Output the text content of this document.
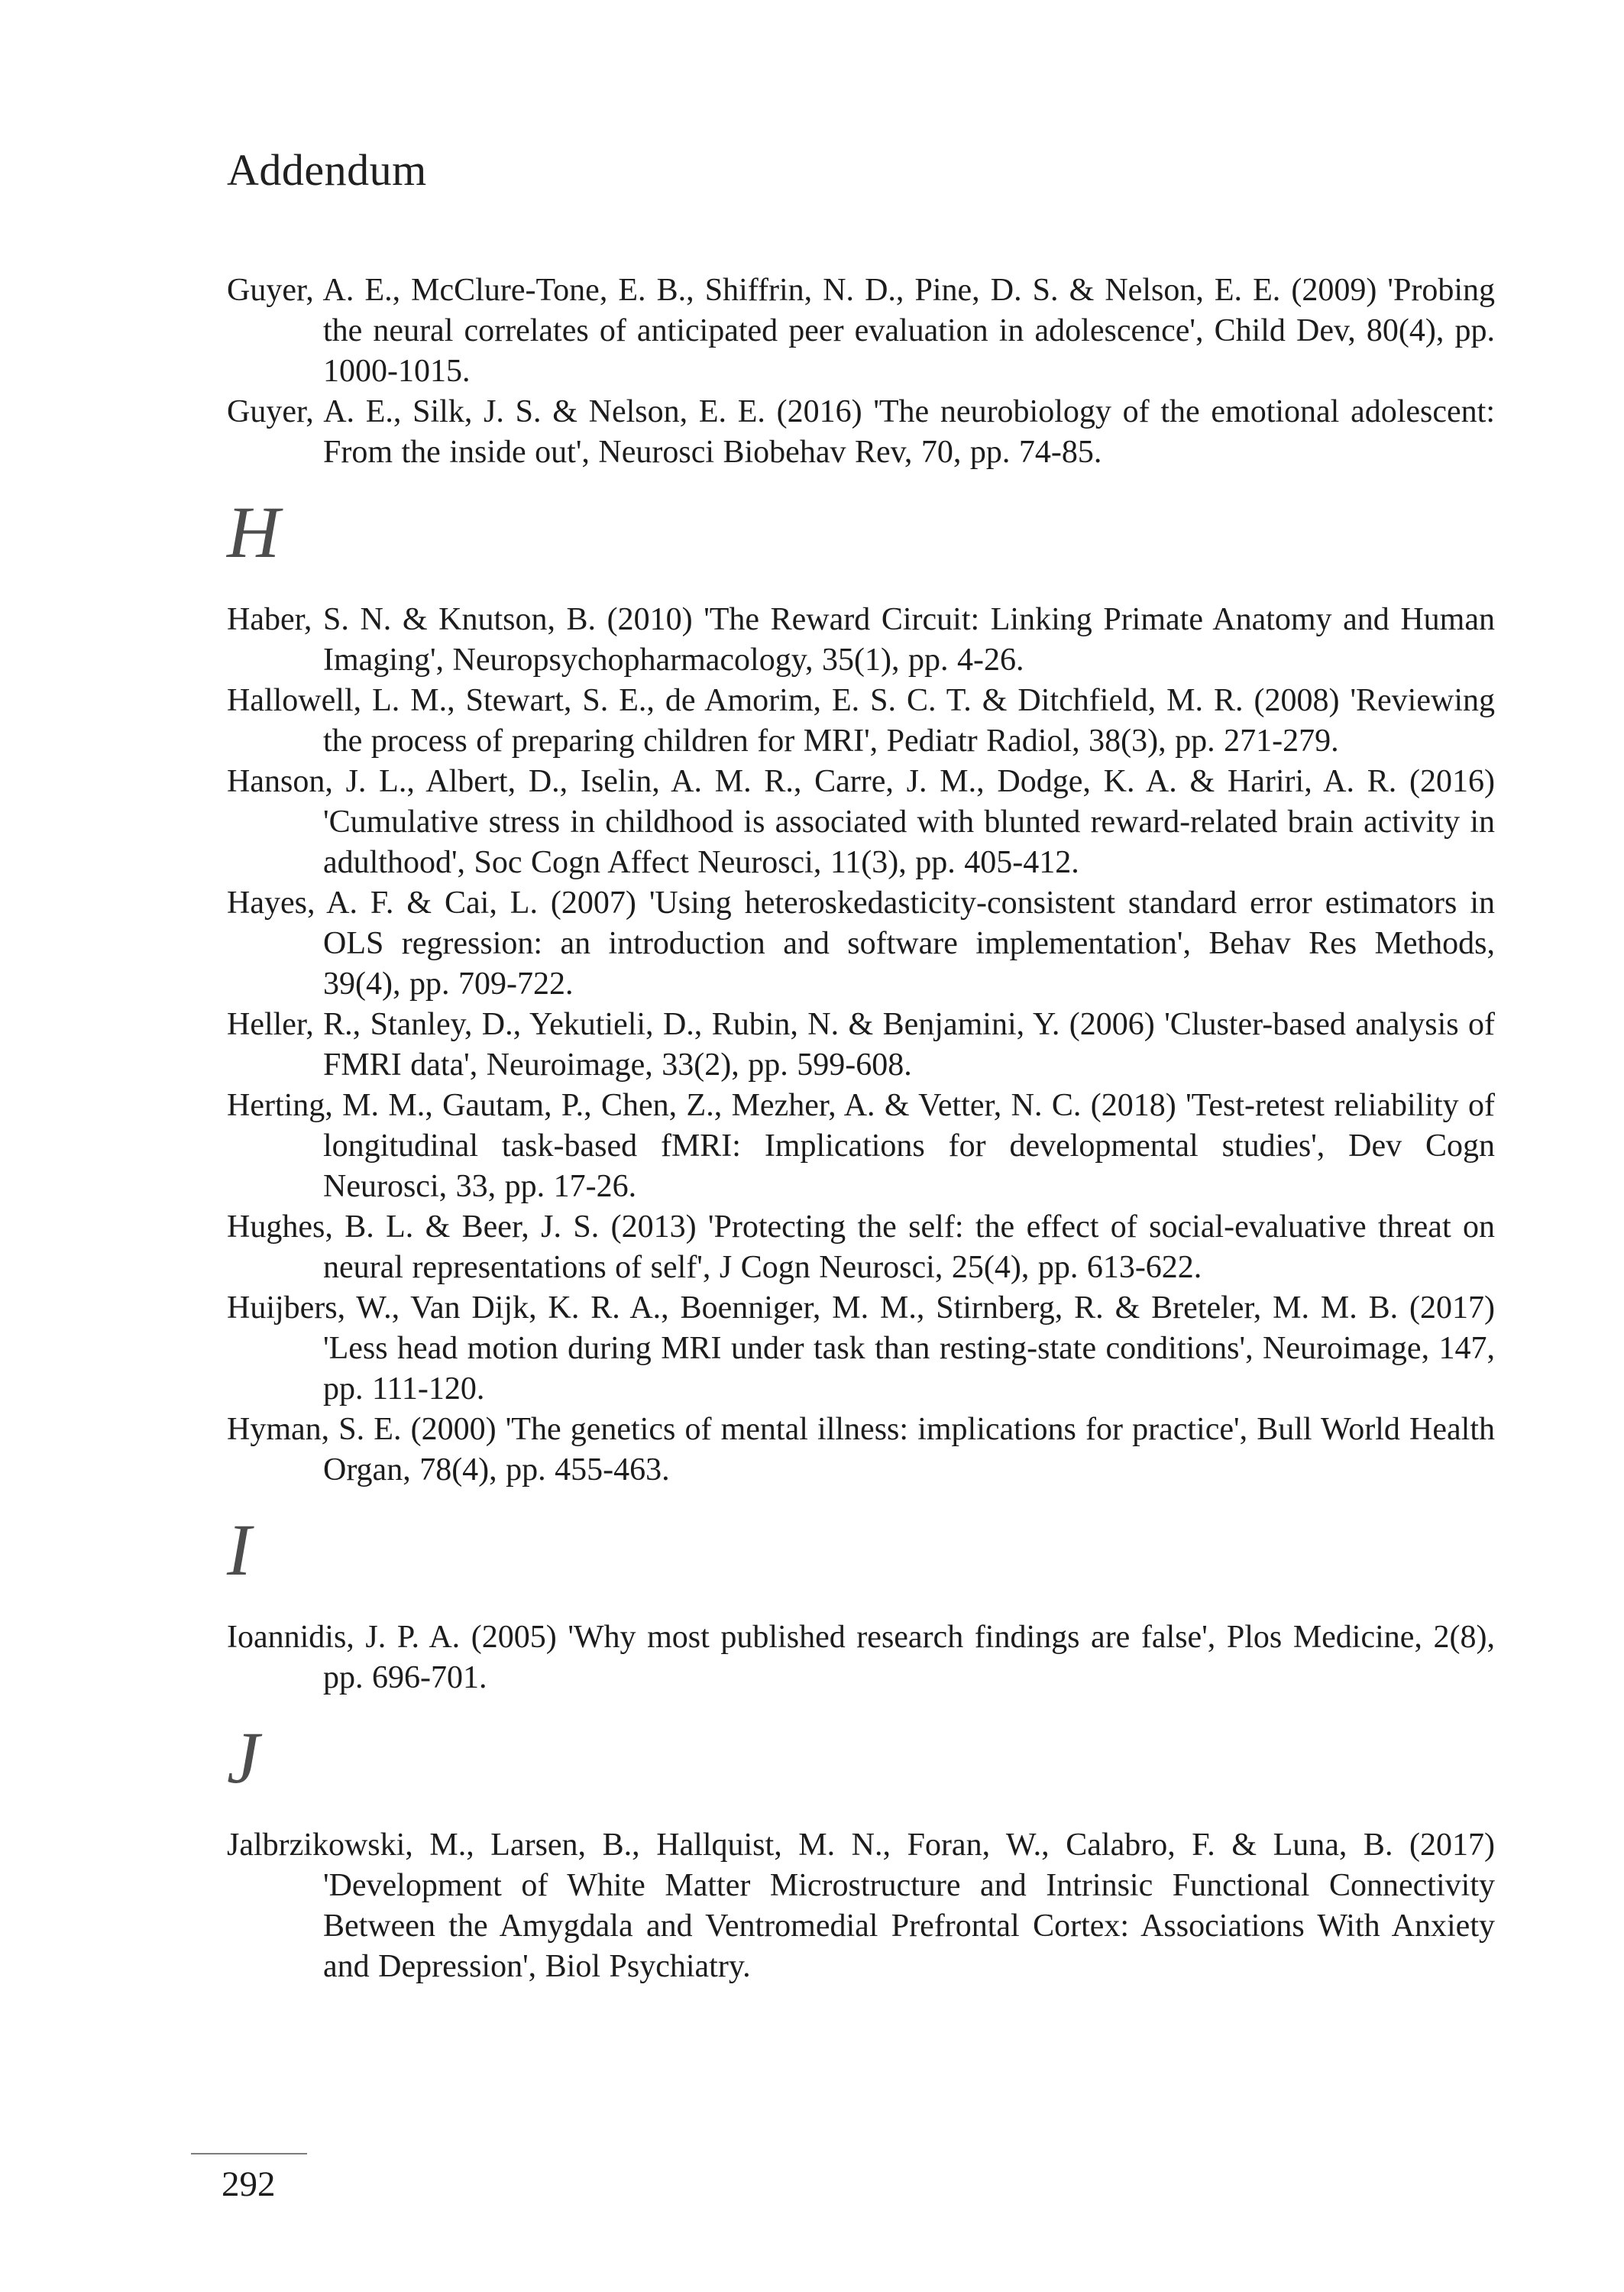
Addendum

Guyer, A. E., McClure-Tone, E. B., Shiffrin, N. D., Pine, D. S. & Nelson, E. E. (2009) 'Probing the neural correlates of anticipated peer evaluation in adolescence', Child Dev, 80(4), pp. 1000-1015.

Guyer, A. E., Silk, J. S. & Nelson, E. E. (2016) 'The neurobiology of the emotional adolescent: From the inside out', Neurosci Biobehav Rev, 70, pp. 74-85.

H

Haber, S. N. & Knutson, B. (2010) 'The Reward Circuit: Linking Primate Anatomy and Human Imaging', Neuropsychopharmacology, 35(1), pp. 4-26.

Hallowell, L. M., Stewart, S. E., de Amorim, E. S. C. T. & Ditchfield, M. R. (2008) 'Reviewing the process of preparing children for MRI', Pediatr Radiol, 38(3), pp. 271-279.

Hanson, J. L., Albert, D., Iselin, A. M. R., Carre, J. M., Dodge, K. A. & Hariri, A. R. (2016) 'Cumulative stress in childhood is associated with blunted reward-related brain activity in adulthood', Soc Cogn Affect Neurosci, 11(3), pp. 405-412.

Hayes, A. F. & Cai, L. (2007) 'Using heteroskedasticity-consistent standard error estimators in OLS regression: an introduction and software implementation', Behav Res Methods, 39(4), pp. 709-722.

Heller, R., Stanley, D., Yekutieli, D., Rubin, N. & Benjamini, Y. (2006) 'Cluster-based analysis of FMRI data', Neuroimage, 33(2), pp. 599-608.

Herting, M. M., Gautam, P., Chen, Z., Mezher, A. & Vetter, N. C. (2018) 'Test-retest reliability of longitudinal task-based fMRI: Implications for developmental studies', Dev Cogn Neurosci, 33, pp. 17-26.

Hughes, B. L. & Beer, J. S. (2013) 'Protecting the self: the effect of social-evaluative threat on neural representations of self', J Cogn Neurosci, 25(4), pp. 613-622.

Huijbers, W., Van Dijk, K. R. A., Boenniger, M. M., Stirnberg, R. & Breteler, M. M. B. (2017) 'Less head motion during MRI under task than resting-state conditions', Neuroimage, 147, pp. 111-120.

Hyman, S. E. (2000) 'The genetics of mental illness: implications for practice', Bull World Health Organ, 78(4), pp. 455-463.

I

Ioannidis, J. P. A. (2005) 'Why most published research findings are false', Plos Medicine, 2(8), pp. 696-701.

J

Jalbrzikowski, M., Larsen, B., Hallquist, M. N., Foran, W., Calabro, F. & Luna, B. (2017) 'Development of White Matter Microstructure and Intrinsic Functional Connectivity Between the Amygdala and Ventromedial Prefrontal Cortex: Associations With Anxiety and Depression', Biol Psychiatry.

292
